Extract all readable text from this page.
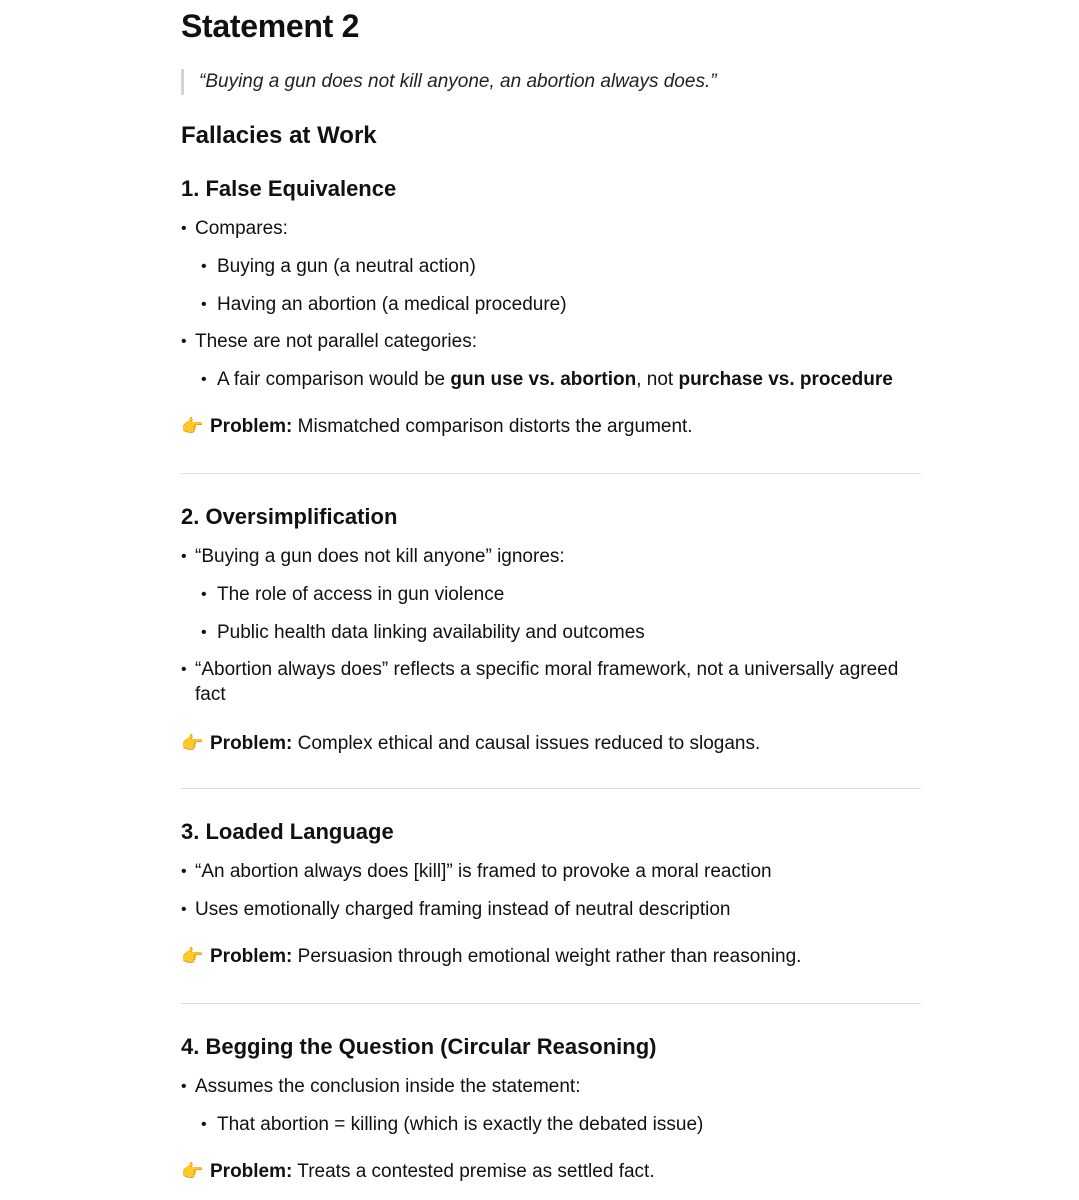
Statement 2
“Buying a gun does not kill anyone, an abortion always does.”
Fallacies at Work
1. False Equivalence
• Compares:
• Buying a gun (a neutral action)
• Having an abortion (a medical procedure)
• These are not parallel categories:
• A fair comparison would be gun use vs. abortion, not purchase vs. procedure
👉 Problem: Mismatched comparison distorts the argument.
2. Oversimplification
• “Buying a gun does not kill anyone” ignores:
• The role of access in gun violence
• Public health data linking availability and outcomes
• “Abortion always does” reflects a specific moral framework, not a universally agreed fact
👉 Problem: Complex ethical and causal issues reduced to slogans.
3. Loaded Language
• “An abortion always does [kill]” is framed to provoke a moral reaction
• Uses emotionally charged framing instead of neutral description
👉 Problem: Persuasion through emotional weight rather than reasoning.
4. Begging the Question (Circular Reasoning)
• Assumes the conclusion inside the statement:
• That abortion = killing (which is exactly the debated issue)
👉 Problem: Treats a contested premise as settled fact.
